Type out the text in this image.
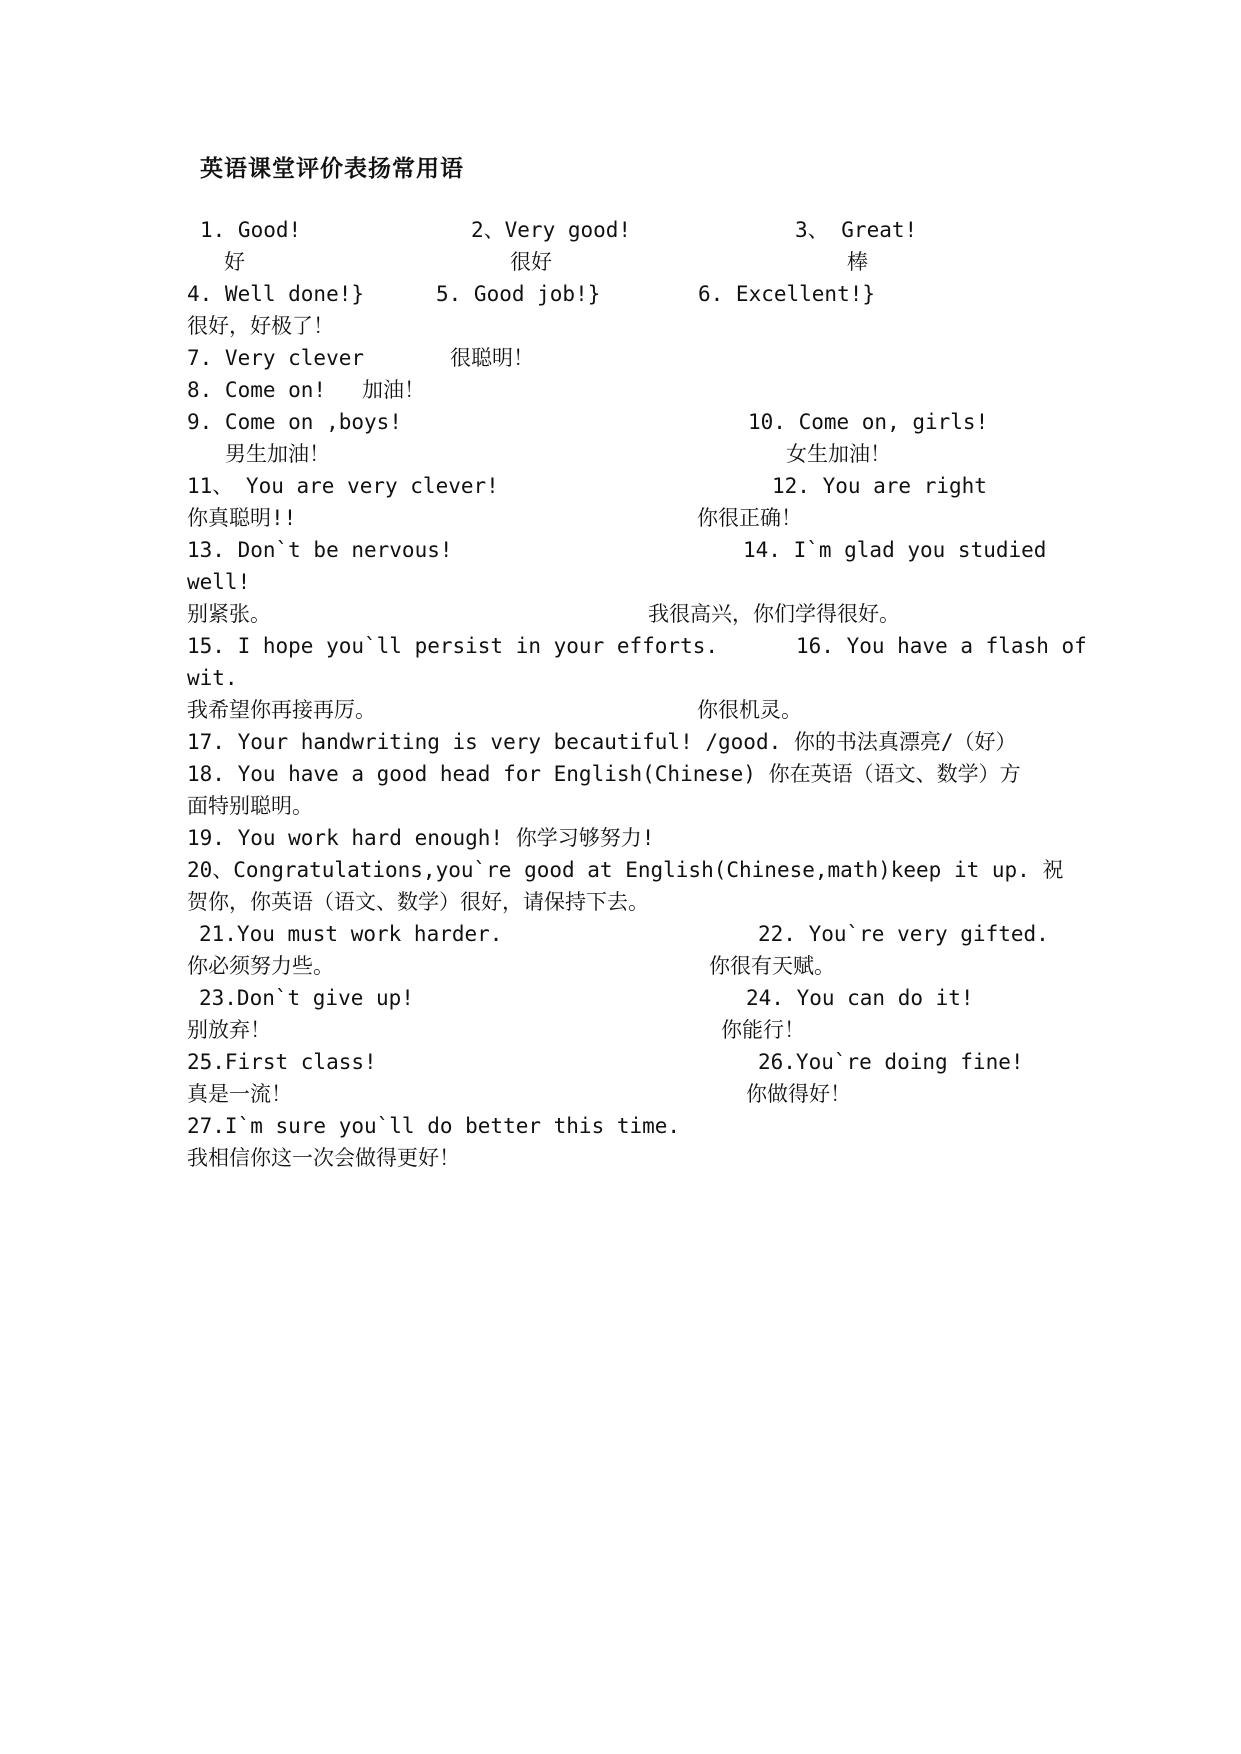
英语课堂评价表扬常用语
1. Good!	2、Very good!	3、 Great!
好	很好	棒
4. Well done!}	5. Good job!}	6. Excellent!}
很好，好极了！
7. Very clever	很聪明！
8. Come on! 加油！
9. Come on ,boys!	10. Come on, girls!
男生加油！	女生加油！
11、 You are very clever!	12. You are right
你真聪明!!	你很正确！
13. Don`t be nervous!	14. I`m glad you studied
well!
别紧张。	我很高兴，你们学得很好。
15. I hope you`ll persist in your efforts.	16. You have a flash of
wit.
我希望你再接再厉。	你很机灵。
17. Your handwriting is very becautiful! /good. 你的书法真漂亮/（好）
18. You have a good head for English(Chinese) 你在英语（语文、数学）方
面特别聪明。
19. You work hard enough! 你学习够努力!
20、Congratulations,you`re good at English(Chinese,math)keep it up. 祝
贺你，你英语（语文、数学）很好，请保持下去。
21.You must work harder.	22. You`re very gifted.
你必须努力些。	你很有天赋。
23.Don`t give up!	24. You can do it!
别放弃！	你能行！
25.First class!	26.You`re doing fine!
真是一流！	你做得好！
27.I`m sure you`ll do better this time.
我相信你这一次会做得更好！
